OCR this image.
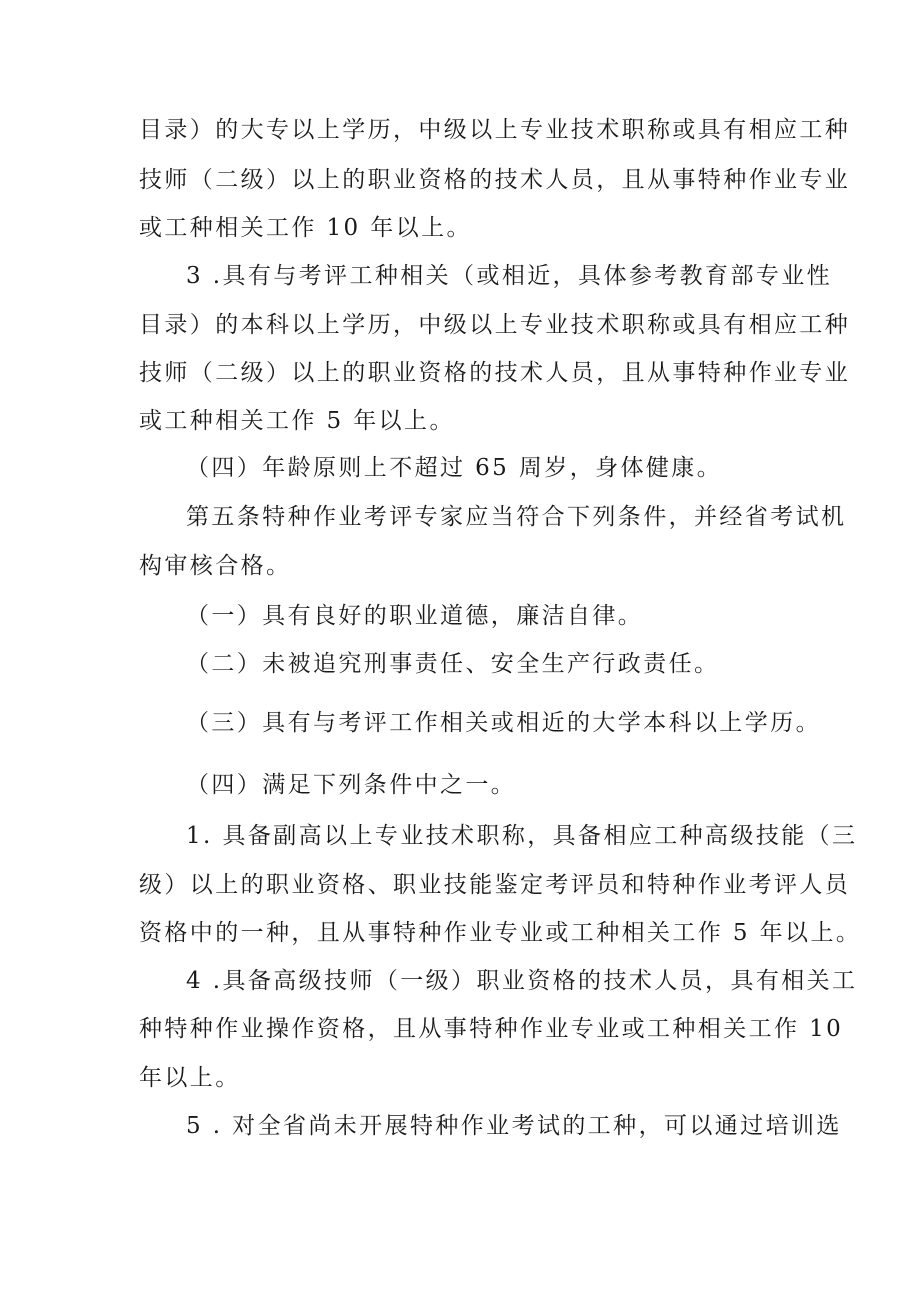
目录）的大专以上学历，中级以上专业技术职称或具有相应工种
技师（二级）以上的职业资格的技术人员，且从事特种作业专业
或工种相关工作 10 年以上。
3 .具有与考评工种相关（或相近，具体参考教育部专业性
目录）的本科以上学历，中级以上专业技术职称或具有相应工种
技师（二级）以上的职业资格的技术人员，且从事特种作业专业
或工种相关工作 5 年以上。
（四）年龄原则上不超过 65 周岁，身体健康。
第五条特种作业考评专家应当符合下列条件，并经省考试机
构审核合格。
（一）具有良好的职业道德，廉洁自律。
（二）未被追究刑事责任、安全生产行政责任。
（三）具有与考评工作相关或相近的大学本科以上学历。
（四）满足下列条件中之一。
1. 具备副高以上专业技术职称，具备相应工种高级技能（三
级）以上的职业资格、职业技能鉴定考评员和特种作业考评人员
资格中的一种，且从事特种作业专业或工种相关工作 5 年以上。
4 .具备高级技师（一级）职业资格的技术人员，具有相关工
种特种作业操作资格，且从事特种作业专业或工种相关工作 10
年以上。
5 . 对全省尚未开展特种作业考试的工种，可以通过培训选
